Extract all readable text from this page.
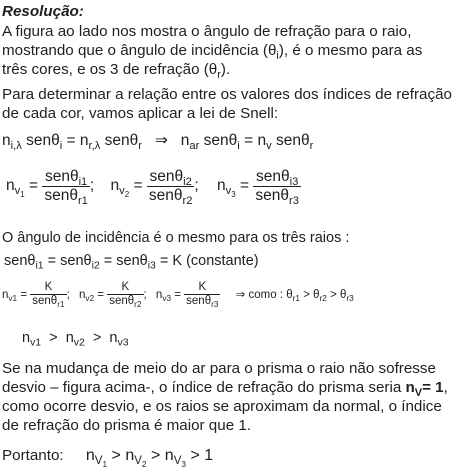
Resolução:
A figura ao lado nos mostra o ângulo de refração para o raio,
mostrando que o ângulo de incidência $(\theta_i)$, é o mesmo para as
três cores, e os 3 de refração $(\theta_r)$.
Para determinar a relação entre os valores dos índices de refração
de cada cor, vamos aplicar a lei de Snell:
$n_{i,\lambda}$ $sen\theta_i = n_{r,\lambda}$ senθ$_r$ ⇒ $n_{ar}$ $sen\theta_i = n_v$ senθ$_r$
$n_{v_1} = \frac{sen\theta_{i1}}{sen\theta_{r1}}$ ; $n_{v_2} = \frac{sen\theta_{i2}}{sen\theta_{r2}}$ ; $n_{v_3} = \frac{sen\theta_{i3}}{sen\theta_{r3}}$
O ângulo de incidência é o mesmo para os três raios :
senθ$_{i1}$ = senθ$_{i2}$ = senθ$_{i3}$ = K (constante)
$n_{v1} = \frac{K}{sen\theta_{r1}}$ ; $n_{v2} = \frac{K}{sen\theta_{r2}}$ ; $n_{v3} = \frac{K}{sen\theta_{r3}}$ ⇒ como : $\theta_{r1} > \theta_{r2} > \theta_{r3}$
$n_{v1} > n_{v2} > n_{v3}$
Se na mudança de meio do ar para o prisma o raio não sofresse
desvio – figura acima-, o índice de refração do prisma seria $n_V= 1$,
como ocorre desvio, e os raios se aproximam da normal, o índice
de refração do prisma é maior que 1.
Portanto: $n_{V_1} > n_{V_2} > n_{V_3} > 1$
